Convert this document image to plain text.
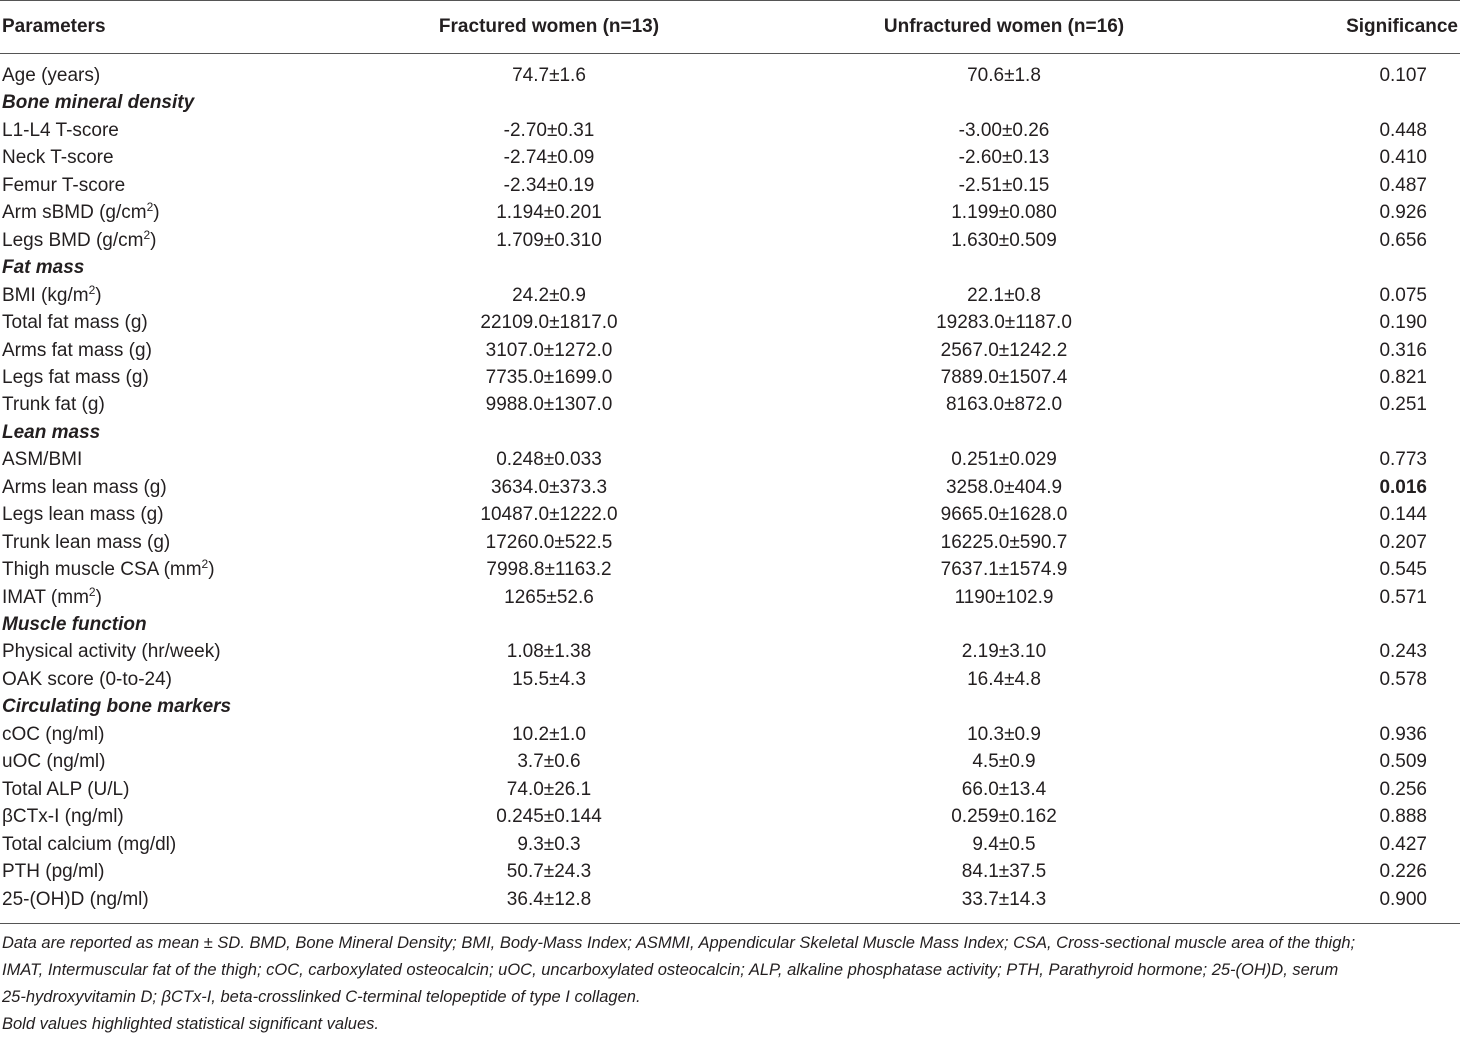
Parameters	Fractured women (n=13)	Unfractured women (n=16)	Significance
Age (years)	74.7±1.6	70.6±1.8	0.107
Bone mineral density
L1-L4 T-score	-2.70±0.31	-3.00±0.26	0.448
Neck T-score	-2.74±0.09	-2.60±0.13	0.410
Femur T-score	-2.34±0.19	-2.51±0.15	0.487
Arm sBMD $(g/cm^2)$	1.194±0.201	1.199±0.080	0.926
Legs BMD $(g/cm^2)$	1.709±0.310	1.630±0.509	0.656
Fat mass
BMI $(kg/m^2)$	24.2±0.9	22.1±0.8	0.075
Total fat mass (g)	22109.0±1817.0	19283.0±1187.0	0.190
Arms fat mass (g)	3107.0±1272.0	2567.0±1242.2	0.316
Legs fat mass (g)	7735.0±1699.0	7889.0±1507.4	0.821
Trunk fat (g)	9988.0±1307.0	8163.0±872.0	0.251
Lean mass
ASM/BMI	0.248±0.033	0.251±0.029	0.773
Arms lean mass (g)	3634.0±373.3	3258.0±404.9	0.016
Legs lean mass (g)	10487.0±1222.0	9665.0±1628.0	0.144
Trunk lean mass (g)	17260.0±522.5	16225.0±590.7	0.207
Thigh muscle CSA $(mm^2)$	7998.8±1163.2	7637.1±1574.9	0.545
IMAT $(mm^2)$	1265±52.6	1190±102.9	0.571
Muscle function
Physical activity (hr/week)	1.08±1.38	2.19±3.10	0.243
OAK score (0-to-24)	15.5±4.3	16.4±4.8	0.578
Circulating bone markers
cOC (ng/ml)	10.2±1.0	10.3±0.9	0.936
uOC (ng/ml)	3.7±0.6	4.5±0.9	0.509
Total ALP (U/L)	74.0±26.1	66.0±13.4	0.256
βCTx-I (ng/ml)	0.245±0.144	0.259±0.162	0.888
Total calcium (mg/dl)	9.3±0.3	9.4±0.5	0.427
PTH (pg/ml)	50.7±24.3	84.1±37.5	0.226
25-(OH)D (ng/ml)	36.4±12.8	33.7±14.3	0.900

Data are reported as mean ± SD. BMD, Bone Mineral Density; BMI, Body-Mass Index; ASMMI, Appendicular Skeletal Muscle Mass Index; CSA, Cross-sectional muscle area of the thigh;

IMAT, Intermuscular fat of the thigh; cOC, carboxylated osteocalcin; uOC, uncarboxylated osteocalcin; ALP, alkaline phosphatase activity; PTH, Parathyroid hormone; 25-(OH)D, serum

25-hydroxyvitamin D; βCTx-I, beta-crosslinked C-terminal telopeptide of type I collagen.

Bold values highlighted statistical significant values.
